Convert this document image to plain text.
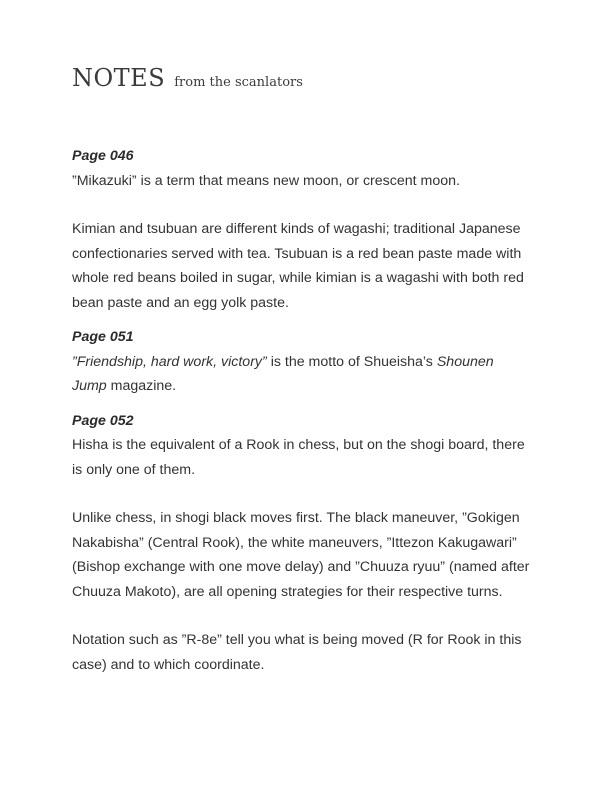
NOTES from the scanlators
Page 046

”Mikazuki” is a term that means new moon, or crescent moon.

Kimian and tsubuan are different kinds of wagashi; traditional Japanese confectionaries served with tea. Tsubuan is a red bean paste made with whole red beans boiled in sugar, while kimian is a wagashi with both red bean paste and an egg yolk paste.

Page 051

”Friendship, hard work, victory” is the motto of Shueisha’s Shounen Jump magazine.

Page 052

Hisha is the equivalent of a Rook in chess, but on the shogi board, there is only one of them.

Unlike chess, in shogi black moves first. The black maneuver, ”Gokigen Nakabisha” (Central Rook), the white maneuvers, ”Ittezon Kakugawari” (Bishop exchange with one move delay) and ”Chuuza ryuu” (named after Chuuza Makoto), are all opening strategies for their respective turns.

Notation such as ”R-8e” tell you what is being moved (R for Rook in this case) and to which coordinate.
